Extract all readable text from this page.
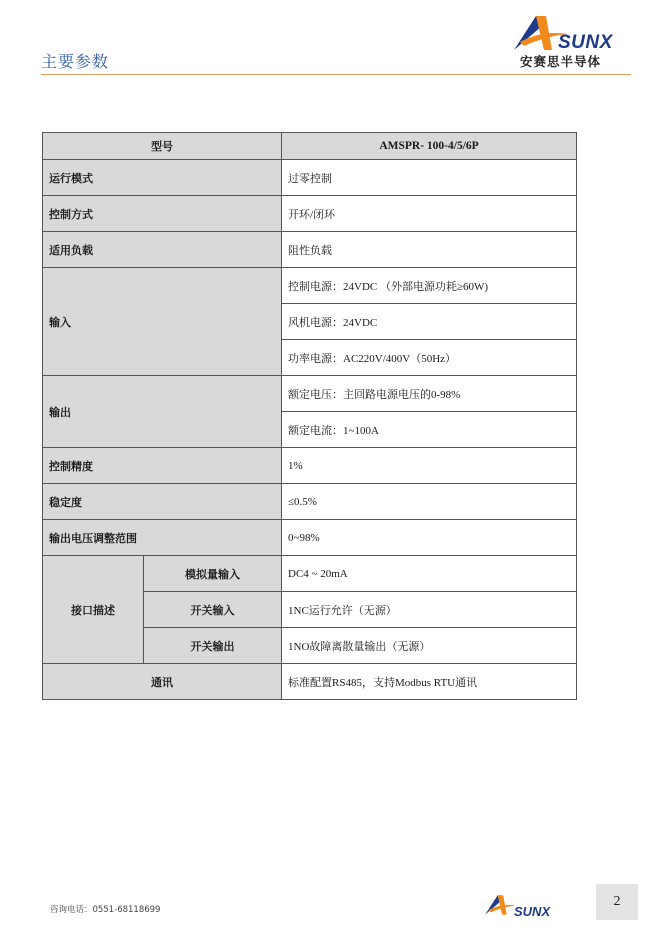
主要参数
SUNX
安赛思半导体
型号		AMSPR- 100-4/5/6P
运行模式		过零控制
控制方式		开环/闭环
适用负载		阻性负载
输入		控制电源：24VDC （外部电源功耗≥60W)
		风机电源：24VDC
		功率电源：AC220V/400V（50Hz）
输出		额定电压：主回路电源电压的0-98%
		额定电流：1~100A
控制精度		1%
稳定度		≤0.5%
输出电压调整范围		0~98%
接口描述	模拟量输入	DC4 ~ 20mA
	开关输入	1NC运行允许（无源）
	开关输出	1NO故障离散量输出（无源）
通讯		标准配置RS485，支持Modbus RTU通讯
咨询电话：0551-68118699	SUNX
2
